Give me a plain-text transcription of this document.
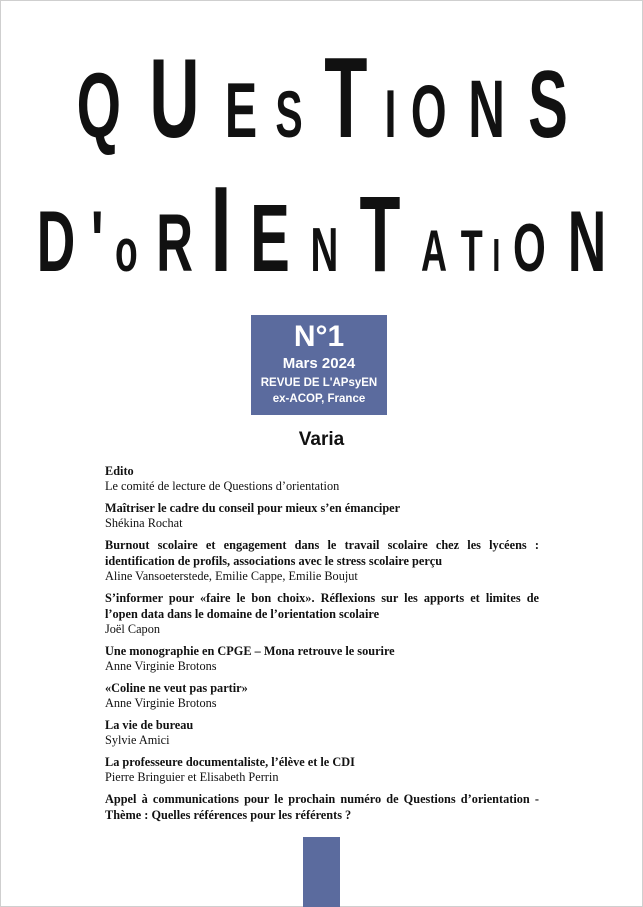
Q U E S T I O N S
D ' o R I E N T A T I O N
N°1
Mars 2024
REVUE DE L'APsyEN
ex-ACOP, France
Varia
Edito
Le comité de lecture de Questions d’orientation
Maîtriser le cadre du conseil pour mieux s’en émanciper
Shékina Rochat
Burnout scolaire et engagement dans le travail scolaire chez les lycéens : identification de profils, associations avec le stress scolaire perçu
Aline Vansoeterstede, Emilie Cappe, Emilie Boujut
S’informer pour «faire le bon choix». Réflexions sur les apports et limites de l’open data dans le domaine de l’orientation scolaire
Joël Capon
Une monographie en CPGE – Mona retrouve le sourire
Anne Virginie Brotons
«Coline ne veut pas partir»
Anne Virginie Brotons
La vie de bureau
Sylvie Amici
La professeure documentaliste, l’élève et le CDI
Pierre Bringuier et Elisabeth Perrin
Appel à communications pour le prochain numéro de Questions d’orientation -Thème : Quelles références pour les référents ?
